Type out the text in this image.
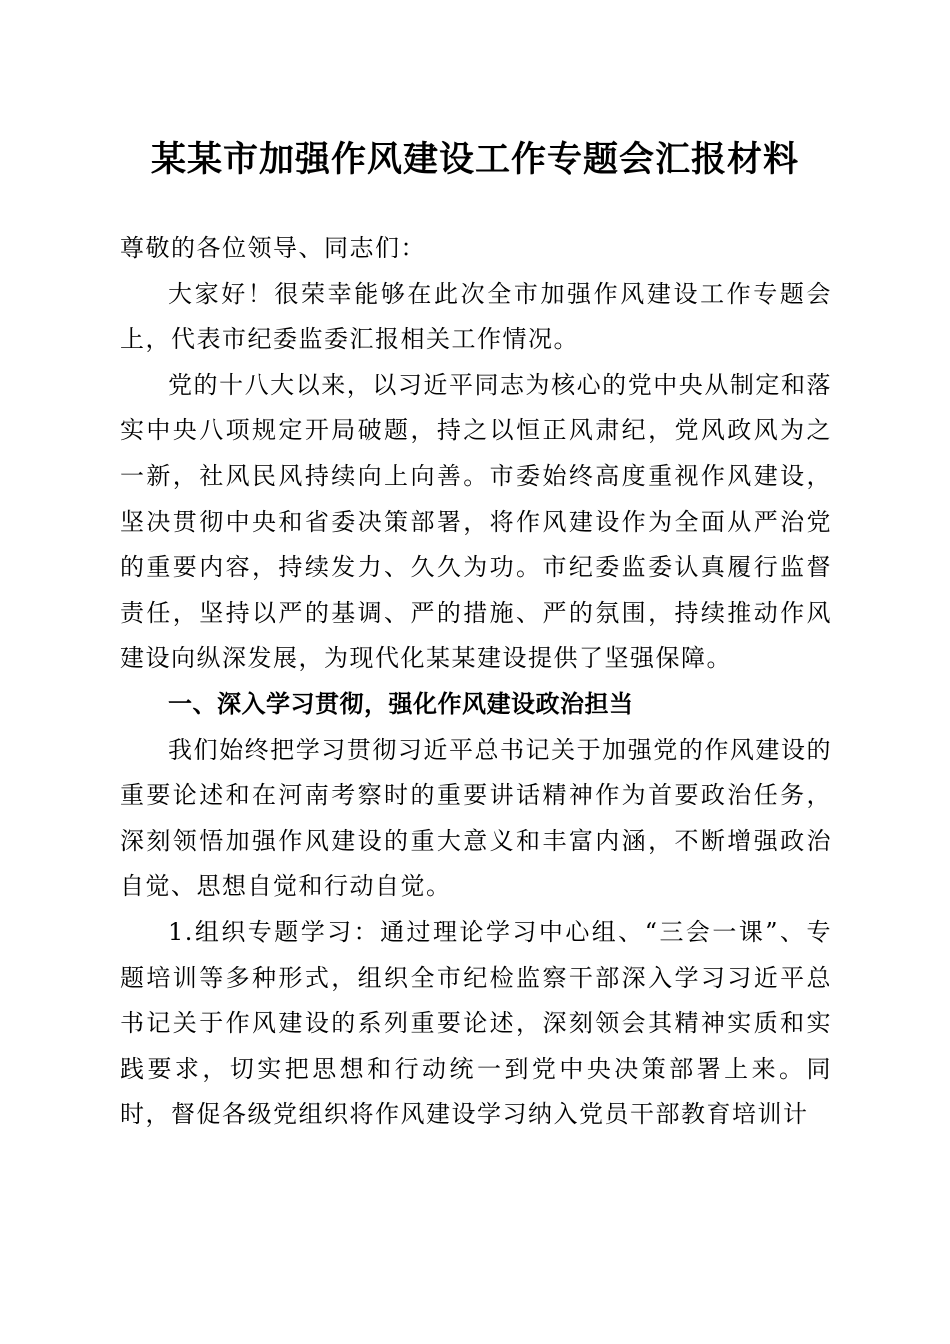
某某市加强作风建设工作专题会汇报材料

尊敬的各位领导、同志们：

大家好！很荣幸能够在此次全市加强作风建设工作专题会上，代表市纪委监委汇报相关工作情况。

党的十八大以来，以习近平同志为核心的党中央从制定和落实中央八项规定开局破题，持之以恒正风肃纪，党风政风为之一新，社风民风持续向上向善。市委始终高度重视作风建设，坚决贯彻中央和省委决策部署，将作风建设作为全面从严治党的重要内容，持续发力、久久为功。市纪委监委认真履行监督责任，坚持以严的基调、严的措施、严的氛围，持续推动作风建设向纵深发展，为现代化某某建设提供了坚强保障。

一、深入学习贯彻，强化作风建设政治担当

我们始终把学习贯彻习近平总书记关于加强党的作风建设的重要论述和在河南考察时的重要讲话精神作为首要政治任务，深刻领悟加强作风建设的重大意义和丰富内涵，不断增强政治自觉、思想自觉和行动自觉。

1.组织专题学习：通过理论学习中心组、“三会一课”、专题培训等多种形式，组织全市纪检监察干部深入学习习近平总书记关于作风建设的系列重要论述，深刻领会其精神实质和实践要求，切实把思想和行动统一到党中央决策部署上来。同时，督促各级党组织将作风建设学习纳入党员干部教育培训计
